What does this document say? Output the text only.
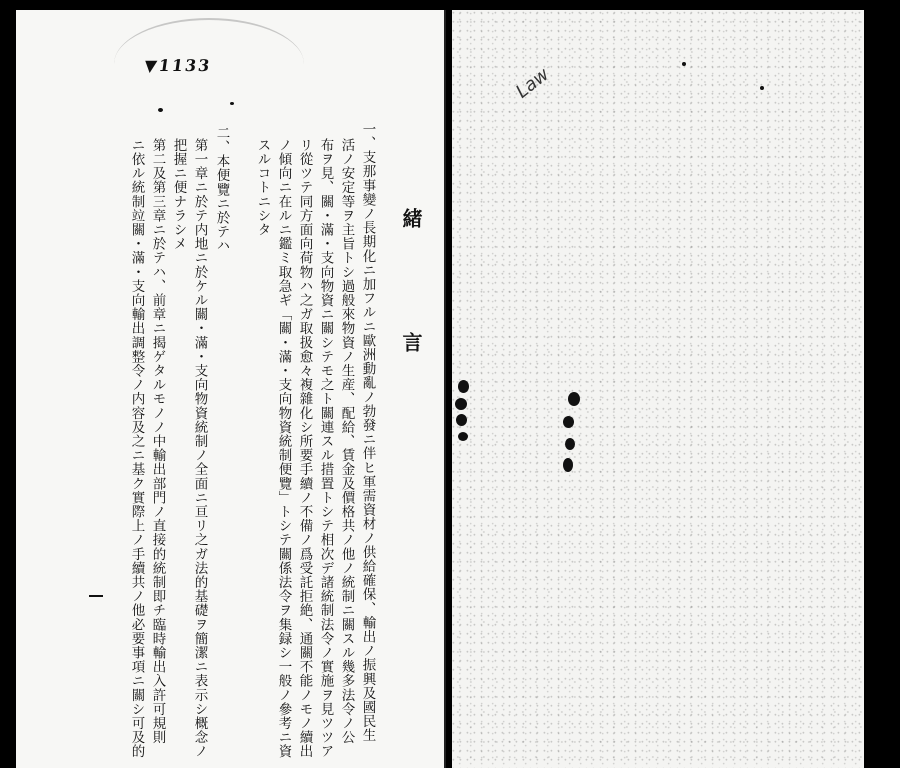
▼1133
緒 言
一、支那事變ノ長期化ニ加フルニ歐洲動亂ノ勃發ニ伴ヒ軍需資材ノ供給確保、輸出ノ振興及國民生
活ノ安定等ヲ主旨トシ過般來物資ノ生産、配給、賃金及價格共ノ他ノ統制ニ關スル幾多法令ノ公
布ヲ見、關・滿・支向物資ニ關シテモ之ト關連スル措置トシテ相次デ諸統制法令ノ實施ヲ見ツツア
リ從ツテ同方面向荷物ハ之ガ取扱愈々複雜化シ所要手續ノ不備ノ爲受託拒絶、通關不能ノモノ續出
ノ傾向ニ在ルニ鑑ミ取急ギ「關・滿・支向物資統制便覽」トシテ關係法令ヲ集録シ一般ノ參考ニ資
スルコトニシタ
二、本便覽ニ於テハ
第一章ニ於テ内地ニ於ケル關・滿・支向物資統制ノ全面ニ亘リ之ガ法的基礎ヲ簡潔ニ表示シ概念ノ
把握ニ便ナラシメ
第二及第三章ニ於テハ、前章ニ揭ゲタルモノノ中輸出部門ノ直接的統制即チ臨時輸出入許可規則
ニ依ル統制竝關・滿・支向輸出調整令ノ内容及之ニ基ク實際上ノ手續共ノ他必要事項ニ關シ可及的
Law
